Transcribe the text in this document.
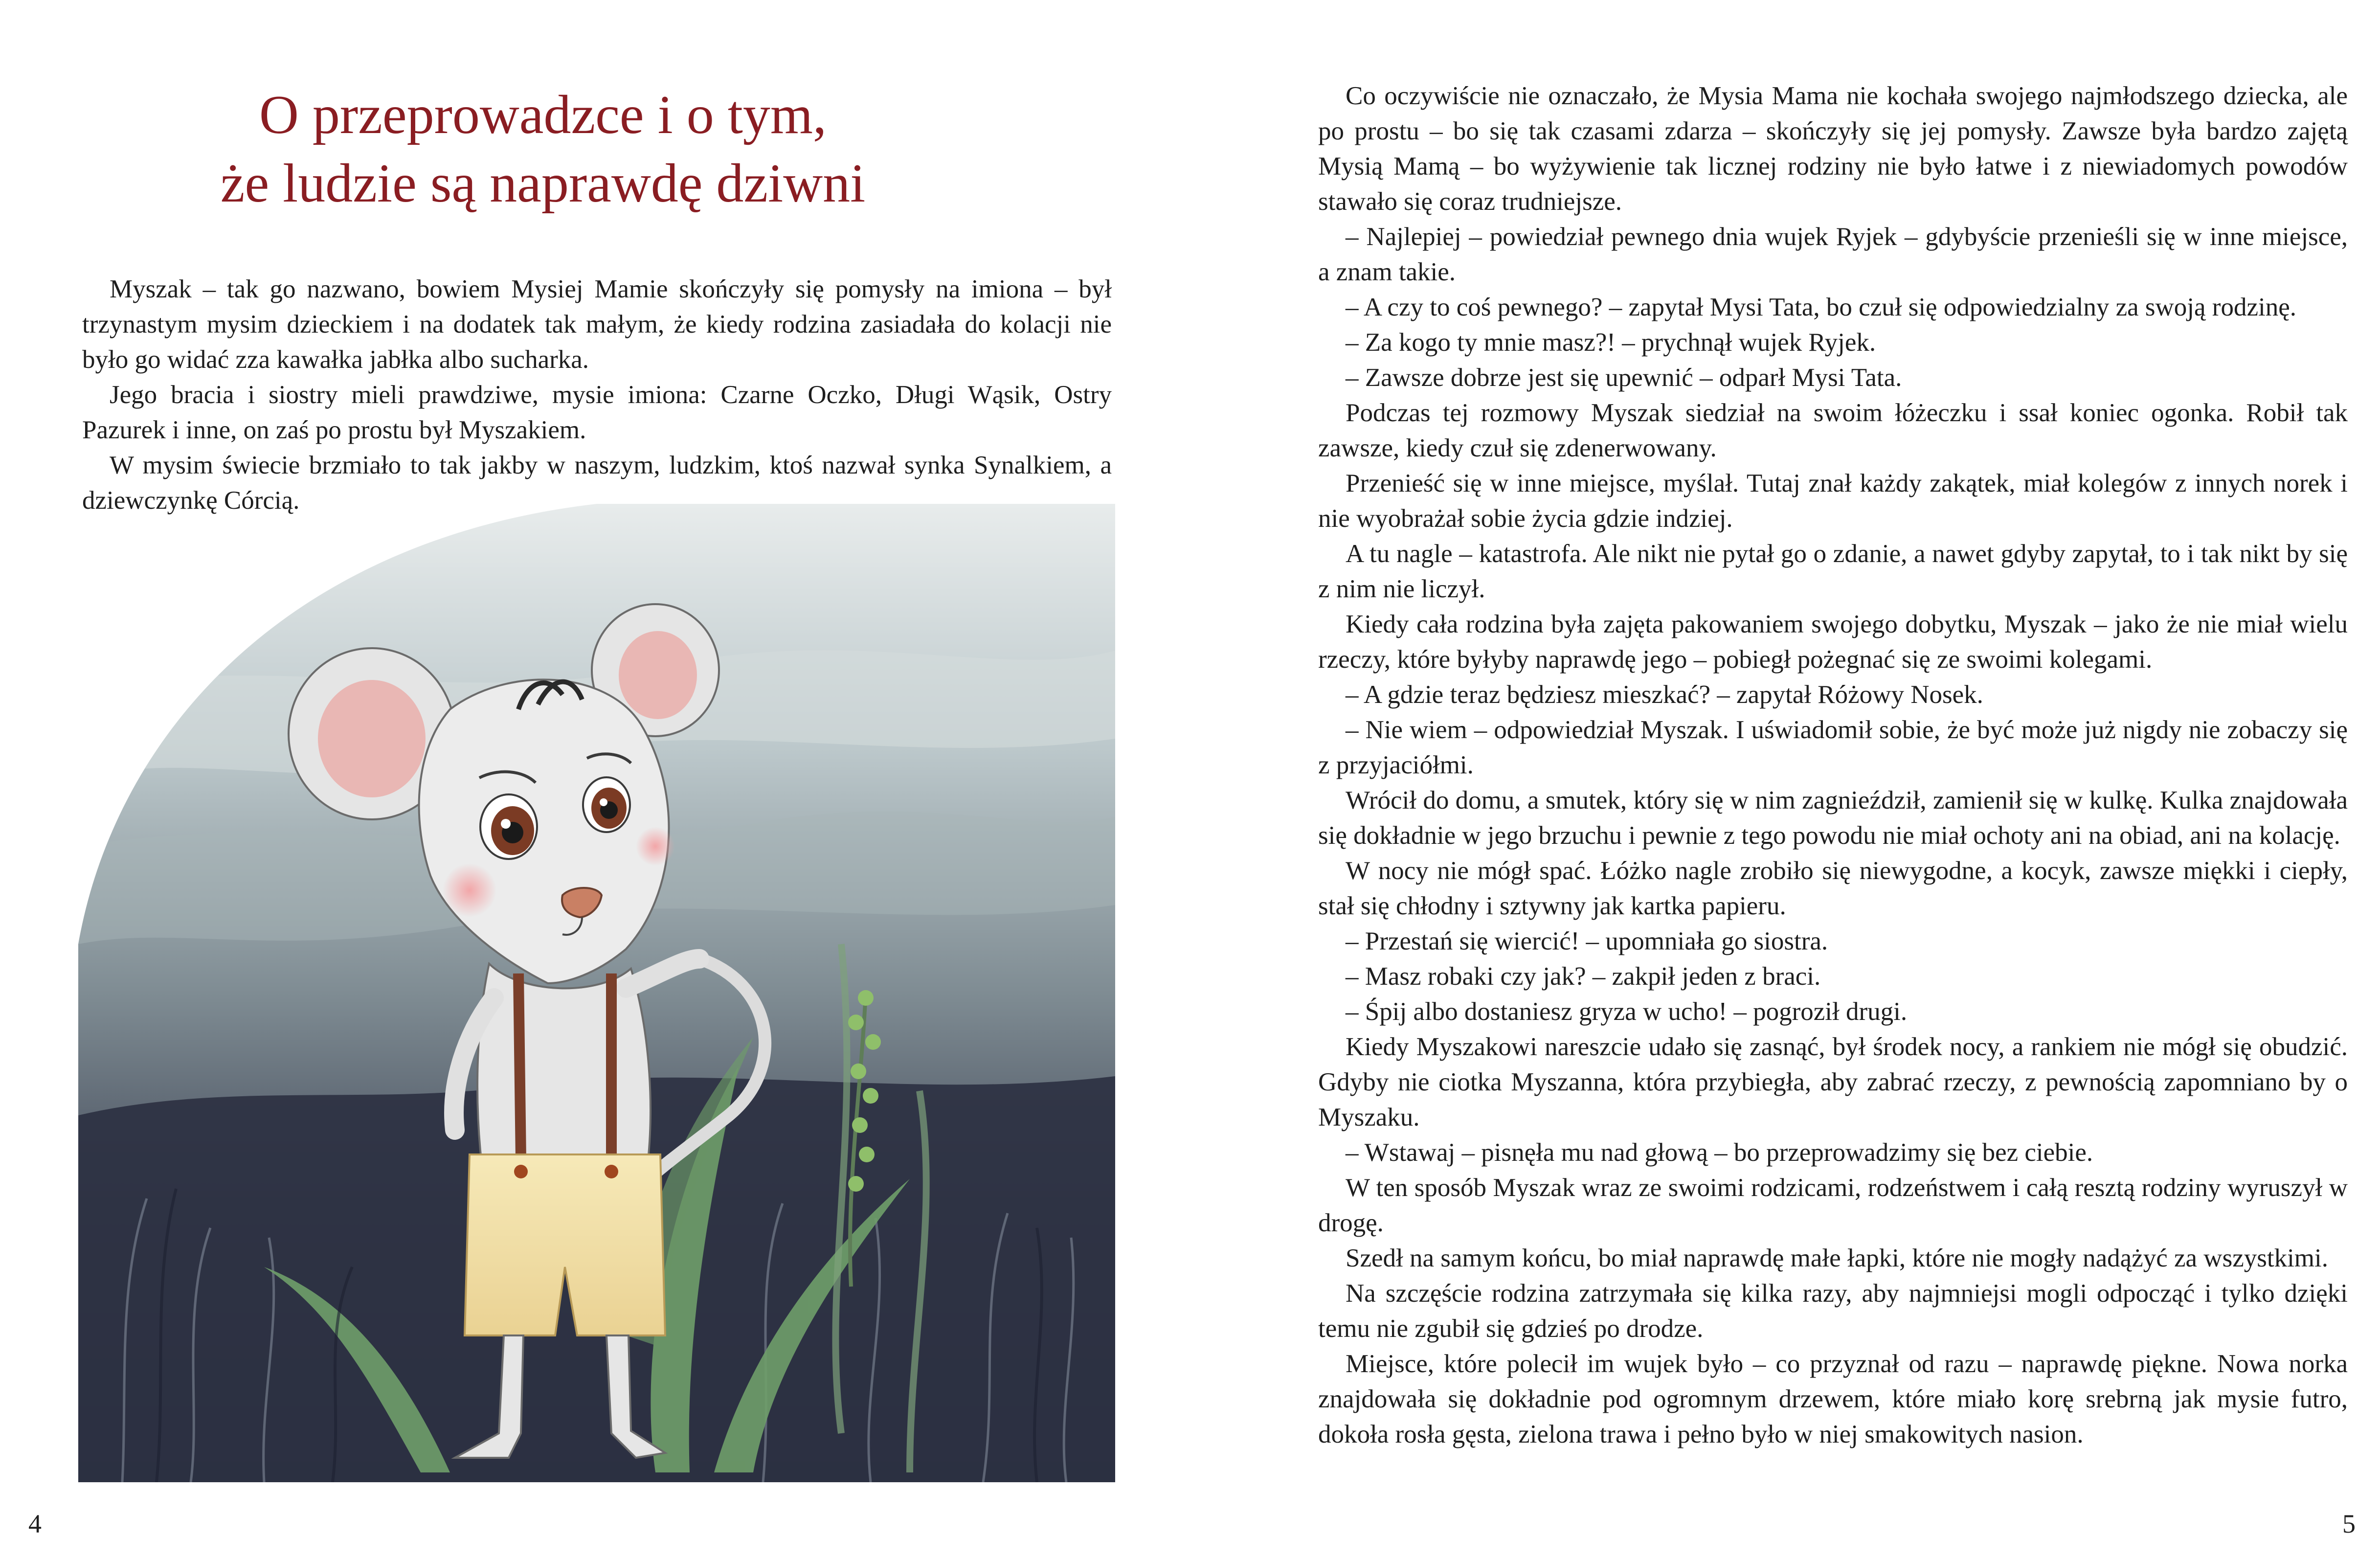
O przeprowadzce i o tym,
że ludzie są naprawdę dziwni

Myszak – tak go nazwano, bowiem Mysiej Mamie skończyły się pomysły na imiona – był trzynastym mysim dzieckiem i na dodatek tak małym, że kiedy rodzina zasiadała do kolacji nie było go widać zza kawałka jabłka albo sucharka.

Jego bracia i siostry mieli prawdziwe, mysie imiona: Czarne Oczko, Długi Wąsik, Ostry Pazurek i inne, on zaś po prostu był Myszakiem.

W mysim świecie brzmiało to tak jakby w naszym, ludzkim, ktoś nazwał synka Synalkiem, a dziewczynkę Córcią.

4

Co oczywiście nie oznaczało, że Mysia Mama nie kochała swojego najmłodszego dziecka, ale po prostu – bo się tak czasami zdarza – skończyły się jej pomysły. Zawsze była bardzo zajętą Mysią Mamą – bo wyżywienie tak licznej rodziny nie było łatwe i z niewiadomych powodów stawało się coraz trudniejsze.

– Najlepiej – powiedział pewnego dnia wujek Ryjek – gdybyście przenieśli się w inne miejsce, a znam takie.

– A czy to coś pewnego? – zapytał Mysi Tata, bo czuł się odpowiedzialny za swoją rodzinę.

– Za kogo ty mnie masz?! – prychnął wujek Ryjek.

– Zawsze dobrze jest się upewnić – odparł Mysi Tata.

Podczas tej rozmowy Myszak siedział na swoim łóżeczku i ssał koniec ogonka. Robił tak zawsze, kiedy czuł się zdenerwowany.

Przenieść się w inne miejsce, myślał. Tutaj znał każdy zakątek, miał kolegów z innych norek i nie wyobrażał sobie życia gdzie indziej.

A tu nagle – katastrofa. Ale nikt nie pytał go o zdanie, a nawet gdyby zapytał, to i tak nikt by się z nim nie liczył.

Kiedy cała rodzina była zajęta pakowaniem swojego dobytku, Myszak – jako że nie miał wielu rzeczy, które byłyby naprawdę jego – pobiegł pożegnać się ze swoimi kolegami.

– A gdzie teraz będziesz mieszkać? – zapytał Różowy Nosek.

– Nie wiem – odpowiedział Myszak. I uświadomił sobie, że być może już nigdy nie zobaczy się z przyjaciółmi.

Wrócił do domu, a smutek, który się w nim zagnieździł, zamienił się w kulkę. Kulka znajdowała się dokładnie w jego brzuchu i pewnie z tego powodu nie miał ochoty ani na obiad, ani na kolację.

W nocy nie mógł spać. Łóżko nagle zrobiło się niewygodne, a kocyk, zawsze miękki i ciepły, stał się chłodny i sztywny jak kartka papieru.

– Przestań się wiercić! – upomniała go siostra.

– Masz robaki czy jak? – zakpił jeden z braci.

– Śpij albo dostaniesz gryza w ucho! – pogroził drugi.

Kiedy Myszakowi nareszcie udało się zasnąć, był środek nocy, a rankiem nie mógł się obudzić. Gdyby nie ciotka Myszanna, która przybiegła, aby zabrać rzeczy, z pewnością zapomniano by o Myszaku.

– Wstawaj – pisnęła mu nad głową – bo przeprowadzimy się bez ciebie.

W ten sposób Myszak wraz ze swoimi rodzicami, rodzeństwem i całą resztą rodziny wyruszył w drogę.

Szedł na samym końcu, bo miał naprawdę małe łapki, które nie mogły nadążyć za wszystkimi.

Na szczęście rodzina zatrzymała się kilka razy, aby najmniejsi mogli odpocząć i tylko dzięki temu nie zgubił się gdzieś po drodze.

Miejsce, które polecił im wujek było – co przyznał od razu – naprawdę piękne. Nowa norka znajdowała się dokładnie pod ogromnym drzewem, które miało korę srebrną jak mysie futro, dokoła rosła gęsta, zielona trawa i pełno było w niej smakowitych nasion.

5
